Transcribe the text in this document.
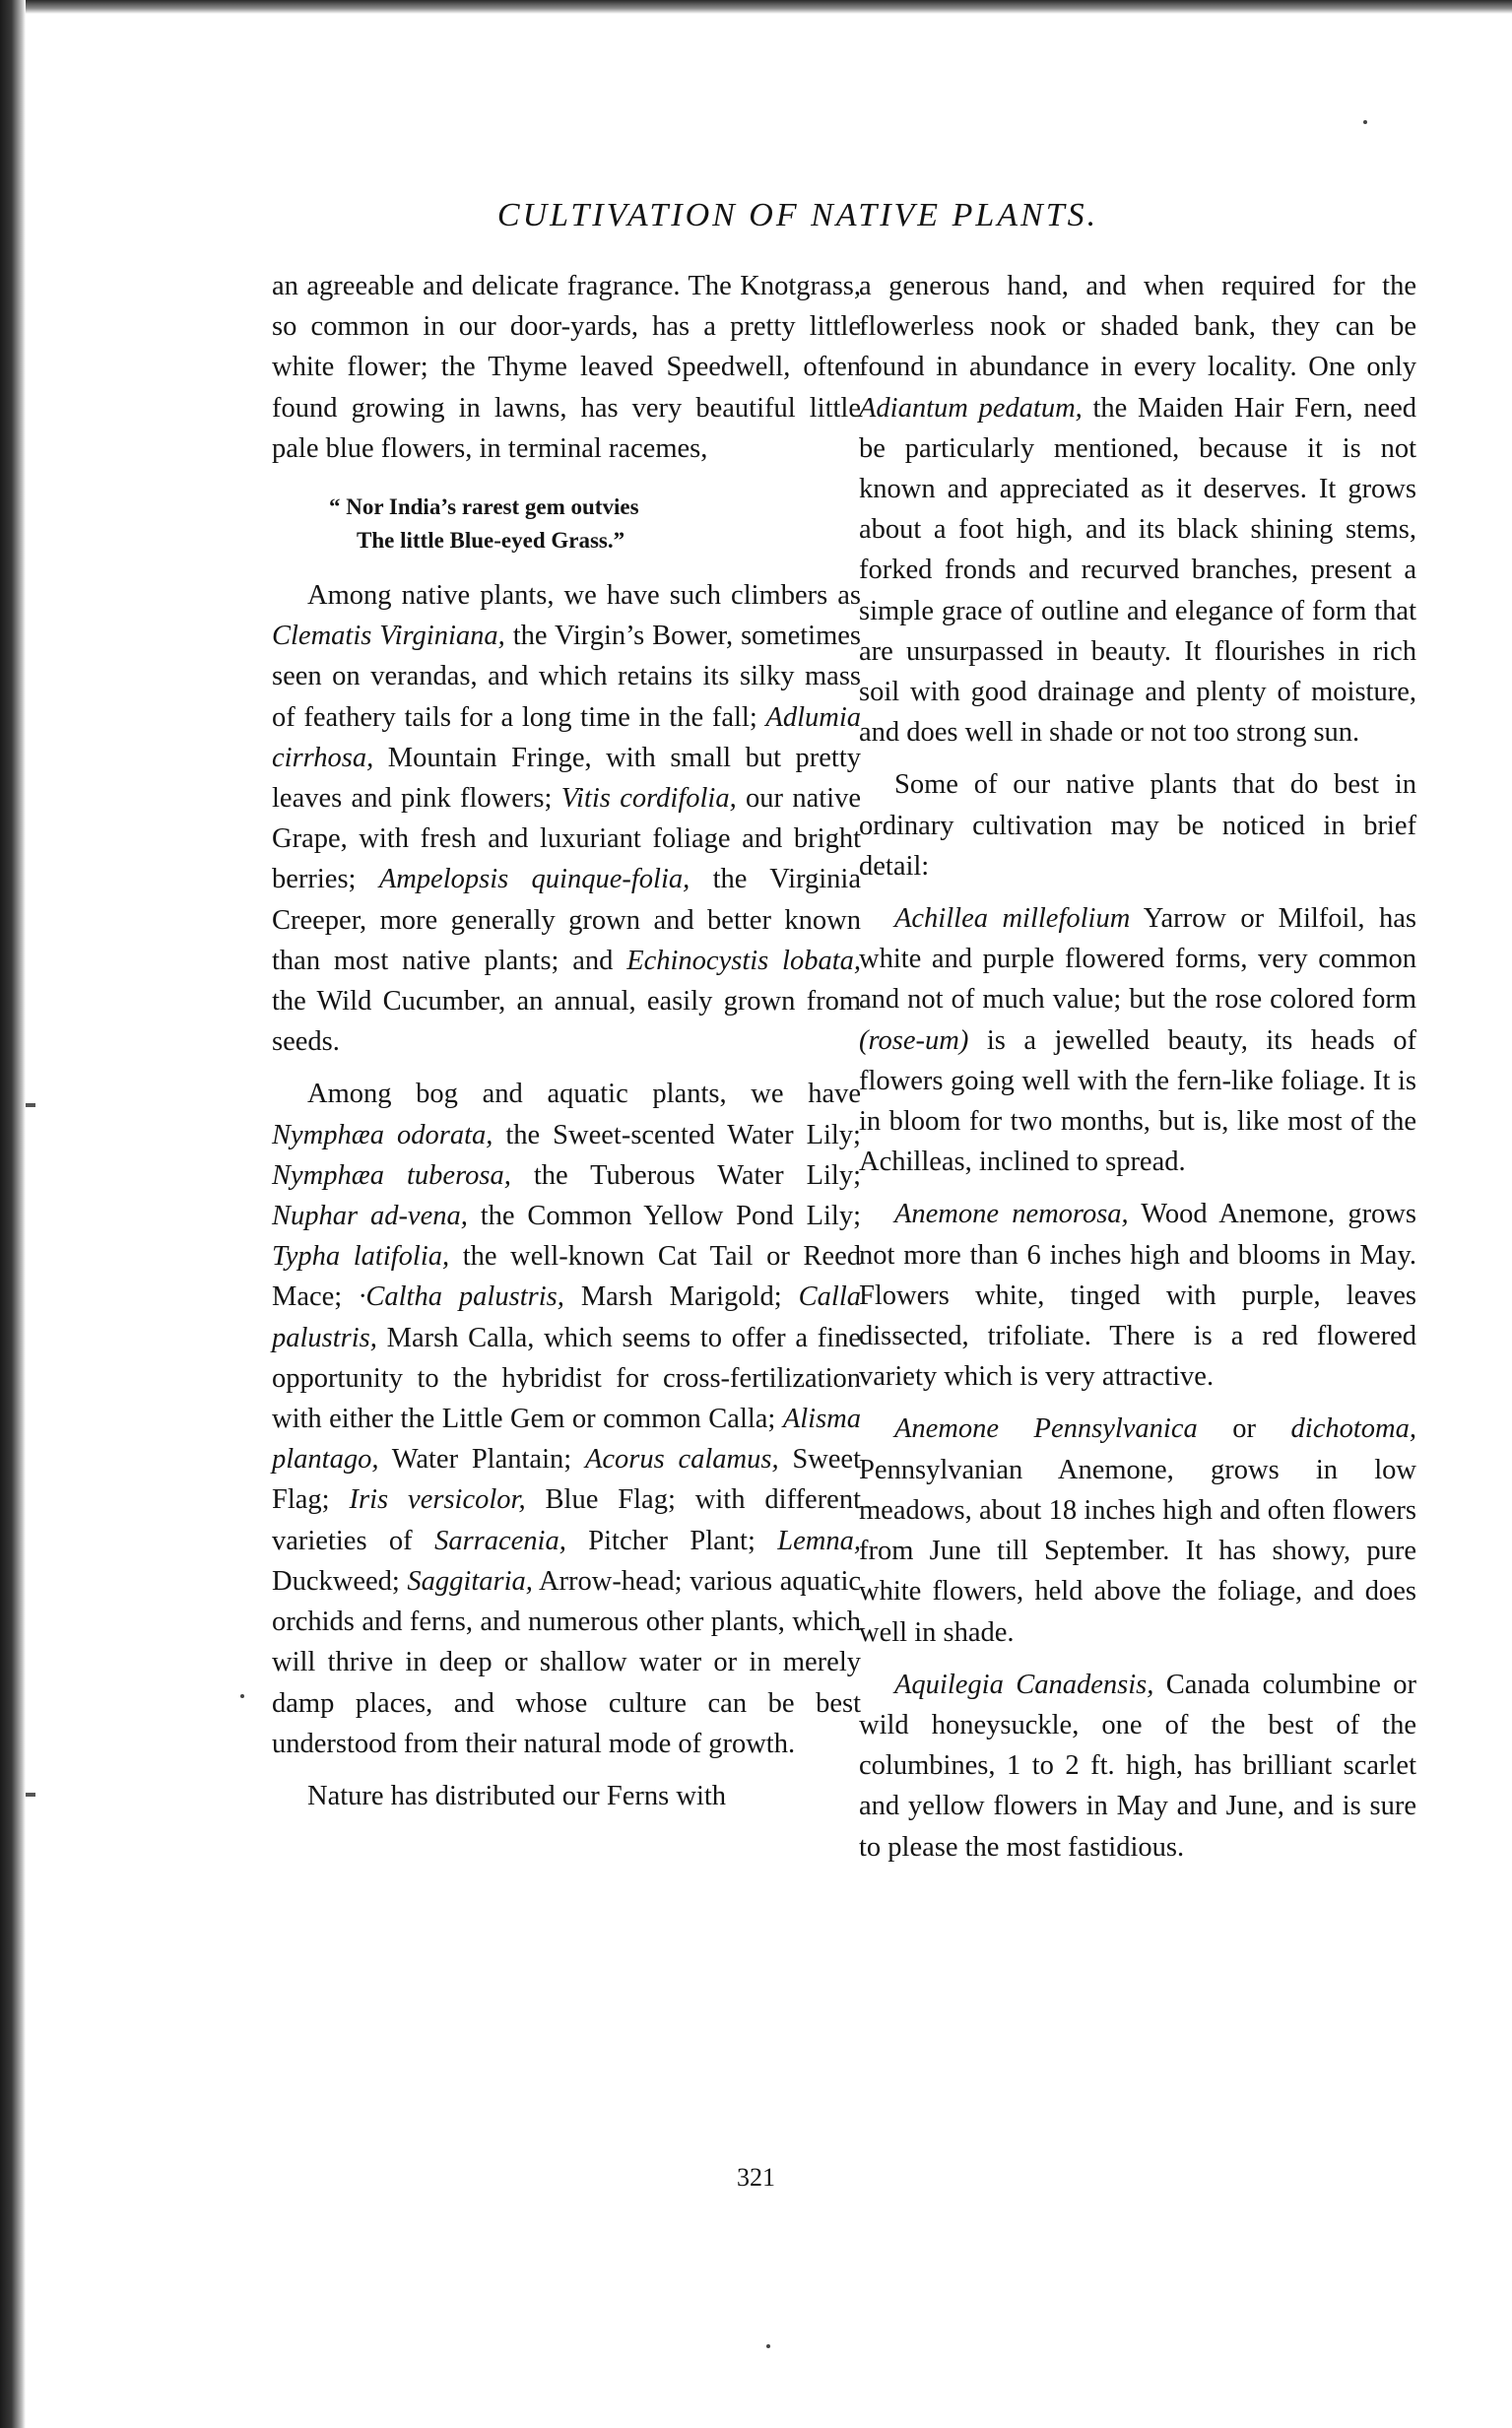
CULTIVATION OF NATIVE PLANTS.

an agreeable and delicate fragrance. The Knotgrass, so common in our door-yards, has a pretty little white flower; the Thyme leaved Speedwell, often found growing in lawns, has very beautiful little pale blue flowers, in terminal racemes,

“ Nor India’s rarest gem outvies
The little Blue-eyed Grass.”

Among native plants, we have such climbers as Clematis Virginiana, the Virgin’s Bower, sometimes seen on verandas, and which retains its silky mass of feathery tails for a long time in the fall; Adlumia cirrhosa, Mountain Fringe, with small but pretty leaves and pink flowers; Vitis cordifolia, our native Grape, with fresh and luxuriant foliage and bright berries; Ampelopsis quinque-folia, the Virginia Creeper, more generally grown and better known than most native plants; and Echinocystis lobata, the Wild Cucumber, an annual, easily grown from seeds.

Among bog and aquatic plants, we have Nymphæa odorata, the Sweet-scented Water Lily; Nymphæa tuberosa, the Tuberous Water Lily; Nuphar ad-vena, the Common Yellow Pond Lily; Typha latifolia, the well-known Cat Tail or Reed Mace; ·Caltha palustris, Marsh Marigold; Calla palustris, Marsh Calla, which seems to offer a fine opportunity to the hybridist for cross-fertilization with either the Little Gem or common Calla; Alisma plantago, Water Plantain; Acorus calamus, Sweet Flag; Iris versicolor, Blue Flag; with different varieties of Sarracenia, Pitcher Plant; Lemna, Duckweed; Saggitaria, Arrow-head; various aquatic orchids and ferns, and numerous other plants, which will thrive in deep or shallow water or in merely damp places, and whose culture can be best understood from their natural mode of growth.

Nature has distributed our Ferns with

a generous hand, and when required for the flowerless nook or shaded bank, they can be found in abundance in every locality. One only Adiantum pedatum, the Maiden Hair Fern, need be particularly mentioned, because it is not known and appreciated as it deserves. It grows about a foot high, and its black shining stems, forked fronds and recurved branches, present a simple grace of outline and elegance of form that are unsurpassed in beauty. It flourishes in rich soil with good drainage and plenty of moisture, and does well in shade or not too strong sun.

Some of our native plants that do best in ordinary cultivation may be noticed in brief detail:

Achillea millefolium Yarrow or Milfoil, has white and purple flowered forms, very common and not of much value; but the rose colored form (rose-um) is a jewelled beauty, its heads of flowers going well with the fern-like foliage. It is in bloom for two months, but is, like most of the Achilleas, inclined to spread.

Anemone nemorosa, Wood Anemone, grows not more than 6 inches high and blooms in May. Flowers white, tinged with purple, leaves dissected, trifoliate. There is a red flowered variety which is very attractive.

Anemone Pennsylvanica or dichotoma, Pennsylvanian Anemone, grows in low meadows, about 18 inches high and often flowers from June till September. It has showy, pure white flowers, held above the foliage, and does well in shade.

Aquilegia Canadensis, Canada columbine or wild honeysuckle, one of the best of the columbines, 1 to 2 ft. high, has brilliant scarlet and yellow flowers in May and June, and is sure to please the most fastidious.

321
